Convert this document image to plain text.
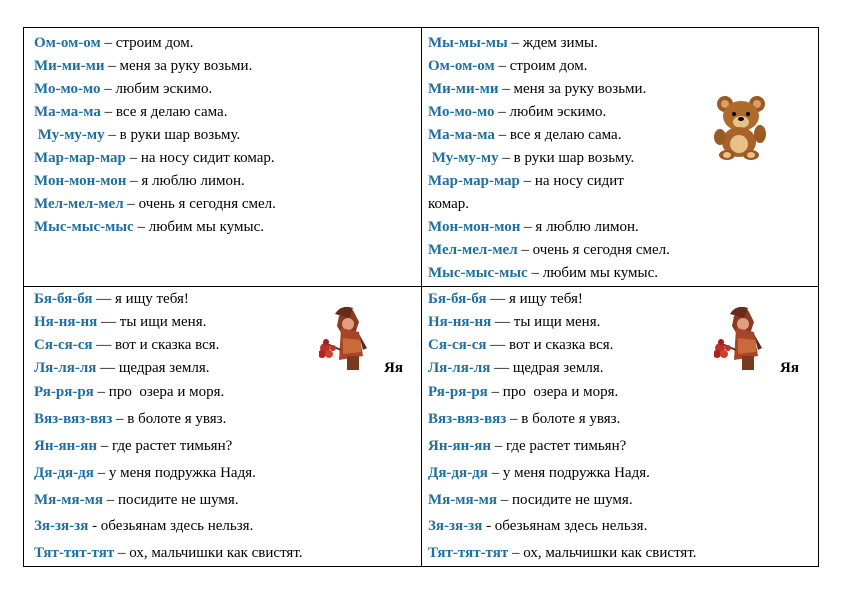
Ом-ом-ом – строим дом.
Ми-ми-ми – меня за руку возьми.
Мо-мо-мо – любим эскимо.
Ма-ма-ма – все я делаю сама.
Му-му-му – в руки шар возьму.
Мар-мар-мар – на носу сидит комар.
Мон-мон-мон – я люблю лимон.
Мел-мел-мел – очень я сегодня смел.
Мыс-мыс-мыс – любим мы кумыс.
Мы-мы-мы – ждем зимы.
Ом-ом-ом – строим дом.
Ми-ми-ми – меня за руку возьми.
Мо-мо-мо – любим эскимо.
Ма-ма-ма – все я делаю сама.
Му-му-му – в руки шар возьму.
Мар-мар-мар – на носу сидит
комар.
Мон-мон-мон – я люблю лимон.
Мел-мел-мел – очень я сегодня смел.
Мыс-мыс-мыс – любим мы кумыс.
Бя-бя-бя — я ищу тебя!
Ня-ня-ня — ты ищи меня.
Ся-ся-ся — вот и сказка вся.
Ля-ля-ля — щедрая земля.
Ря-ря-ря – про  озера и моря.
Вяз-вяз-вяз – в болоте я увяз.
Ян-ян-ян – где растет тимьян?
Дя-дя-дя – у меня подружка Надя.
Мя-мя-мя – посидите не шумя.
Зя-зя-зя - обезьянам здесь нельзя.
Тят-тят-тят – ох, мальчишки как свистят.
Яя
Бя-бя-бя — я ищу тебя!
Ня-ня-ня — ты ищи меня.
Ся-ся-ся — вот и сказка вся.
Ля-ля-ля — щедрая земля.
Ря-ря-ря – про  озера и моря.
Вяз-вяз-вяз – в болоте я увяз.
Ян-ян-ян – где растет тимьян?
Дя-дя-дя – у меня подружка Надя.
Мя-мя-мя – посидите не шумя.
Зя-зя-зя - обезьянам здесь нельзя.
Тят-тят-тят – ох, мальчишки как свистят.
Яя
